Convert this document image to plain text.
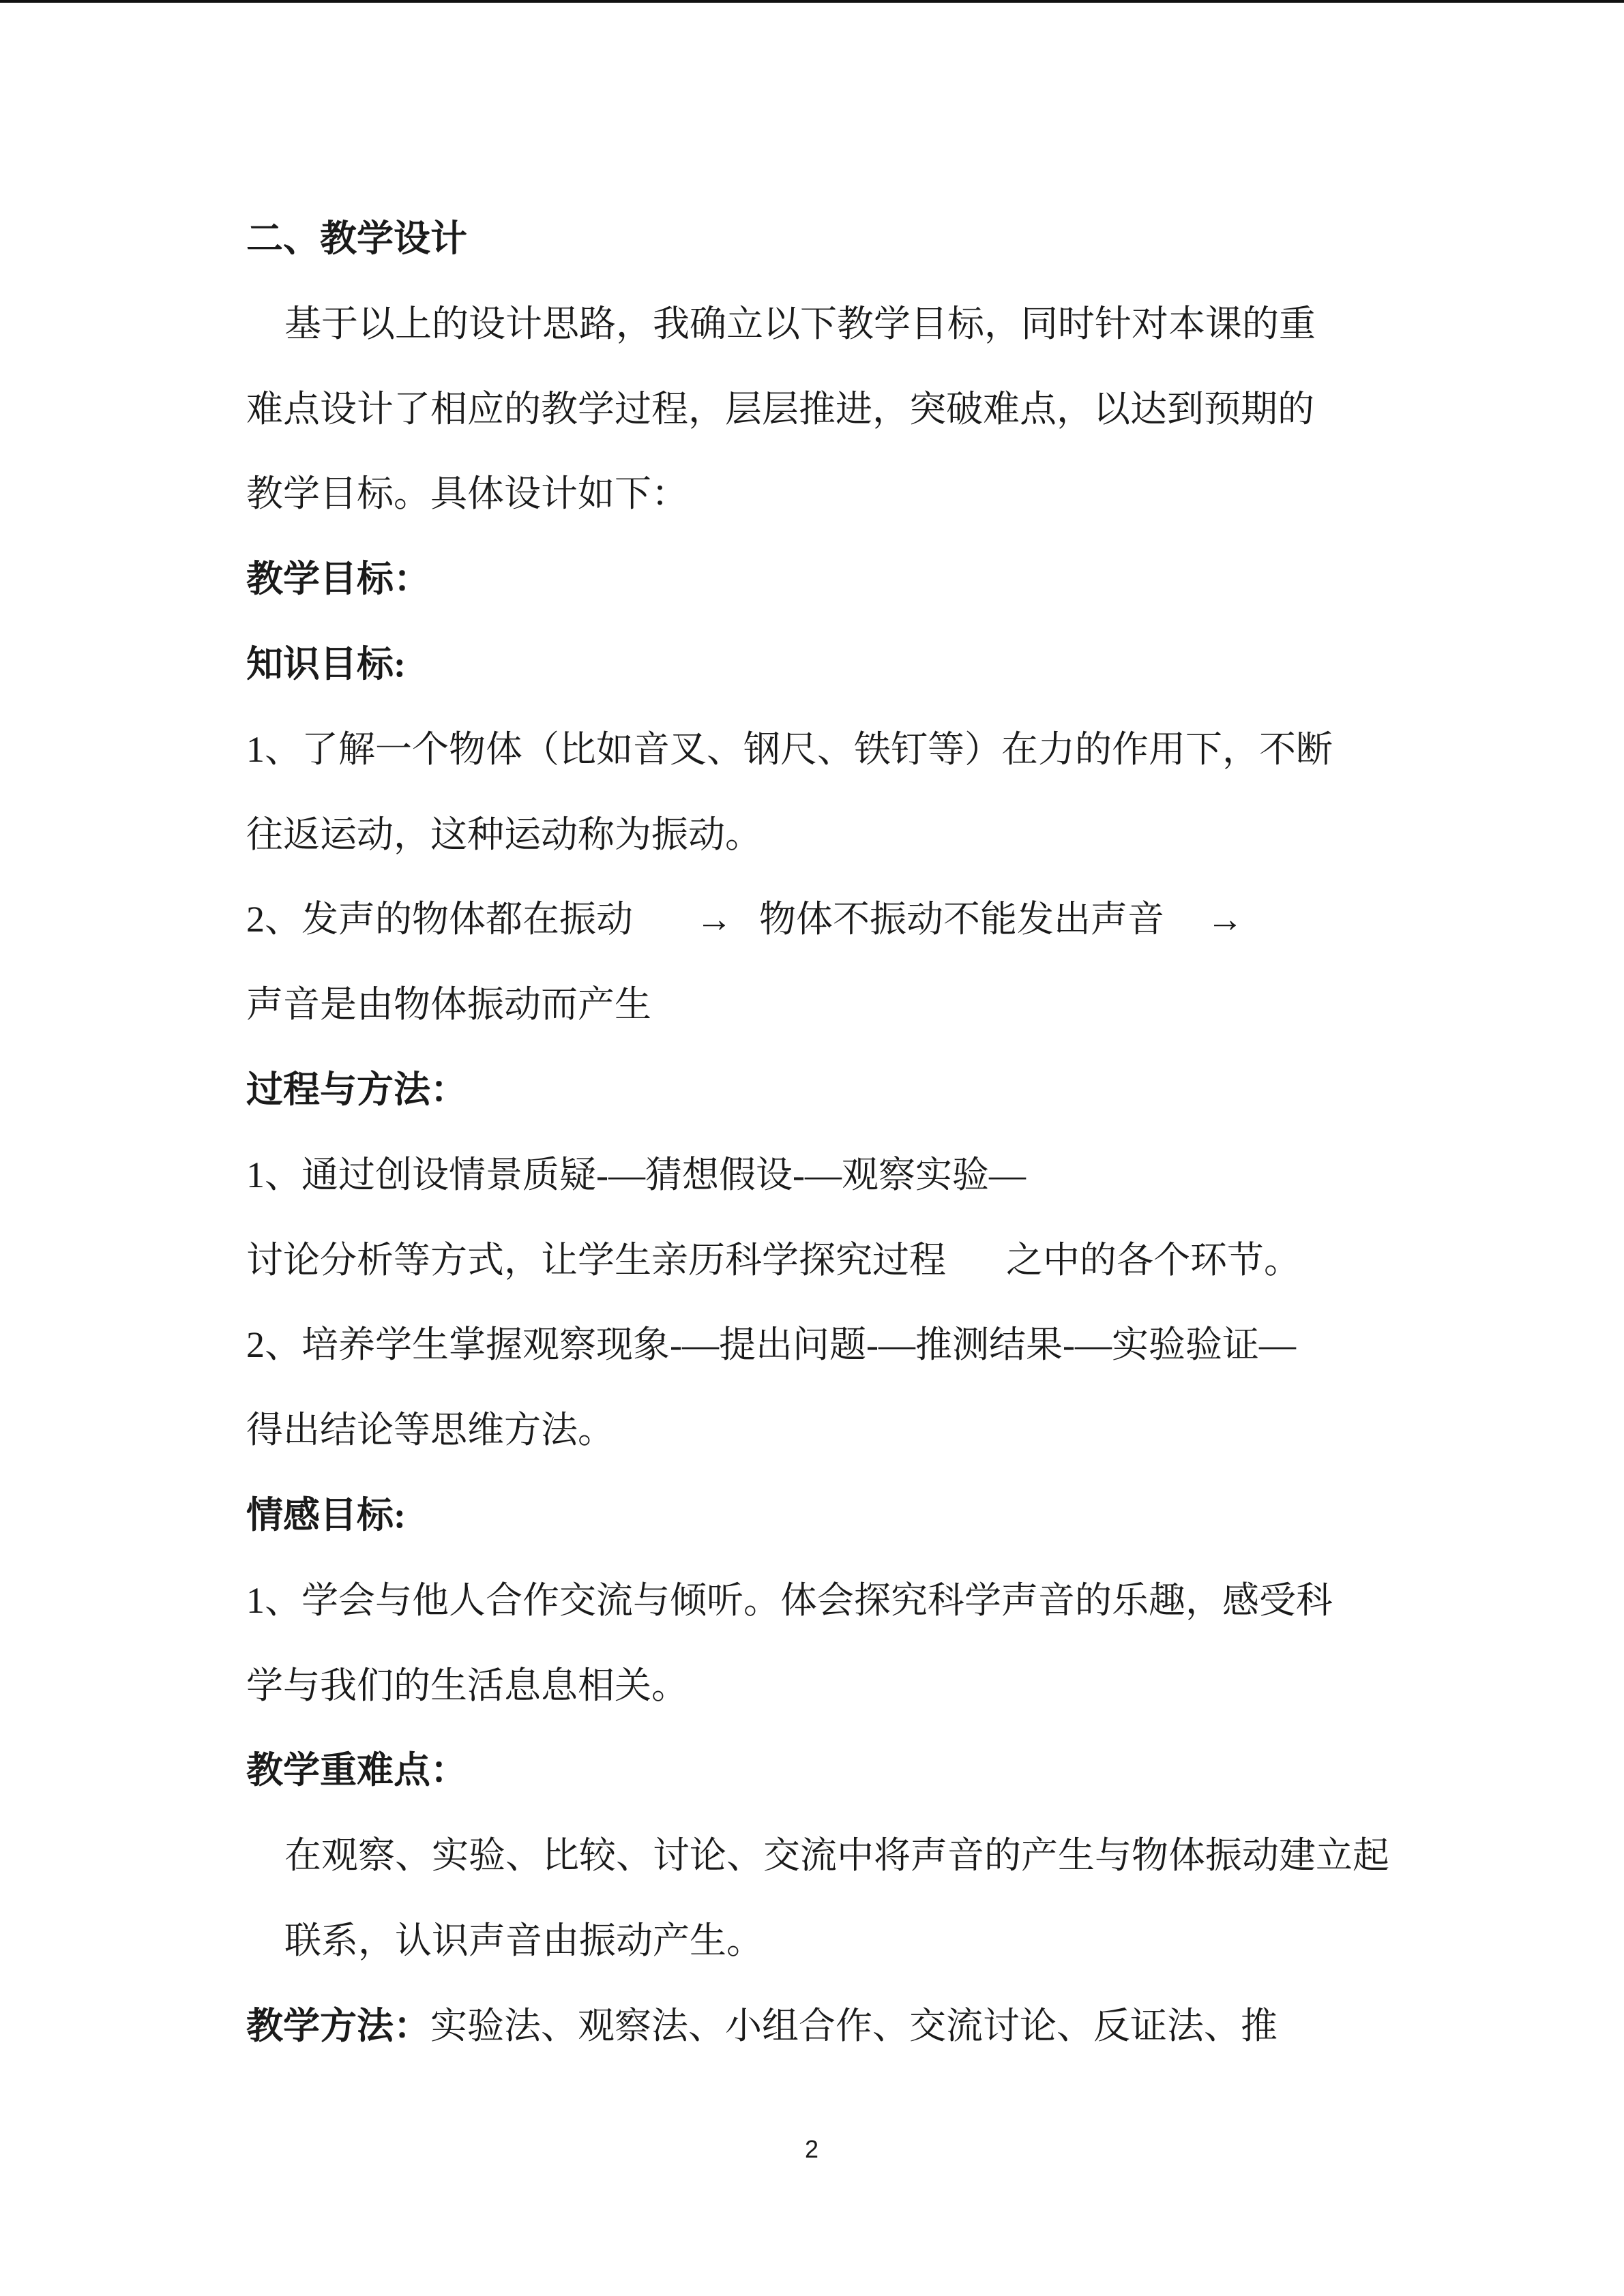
二、教学设计
基于以上的设计思路，我确立以下教学目标，同时针对本课的重
难点设计了相应的教学过程，层层推进，突破难点，以达到预期的
教学目标。具体设计如下：
教学目标：
知识目标:
1、了解一个物体（比如音叉、钢尺、铁钉等）在力的作用下，不断
往返运动，这种运动称为振动。
2、发声的物体都在振动 → 物体不振动不能发出声音 →
声音是由物体振动而产生
过程与方法：
1、通过创设情景质疑-—猜想假设-—观察实验—
讨论分析等方式，让学生亲历科学探究过程 之中的各个环节。
2、培养学生掌握观察现象-—提出问题-—推测结果-—实验验证—
得出结论等思维方法。
情感目标:
1、学会与他人合作交流与倾听。体会探究科学声音的乐趣，感受科
学与我们的生活息息相关。
教学重难点：
在观察、实验、比较、讨论、交流中将声音的产生与物体振动建立起
联系，认识声音由振动产生。
教学方法：实验法、观察法、小组合作、交流讨论、反证法、推
2
